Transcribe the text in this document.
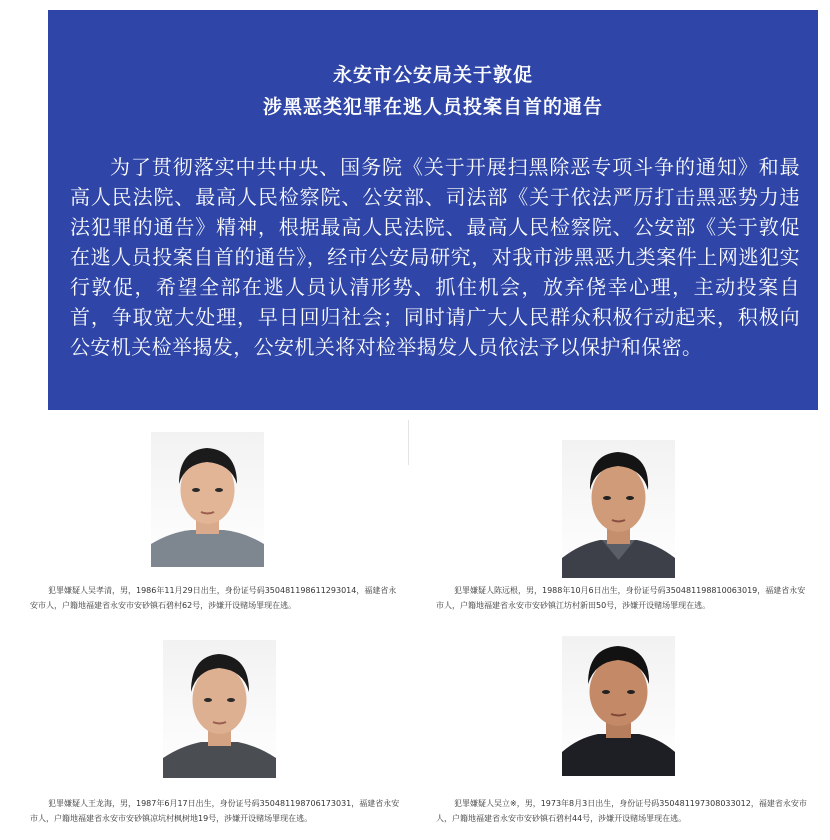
永安市公安局关于敦促
涉黑恶类犯罪在逃人员投案自首的通告
为了贯彻落实中共中央、国务院《关于开展扫黑除恶专项斗争的通知》和最高人民法院、最高人民检察院、公安部、司法部《关于依法严厉打击黑恶势力违法犯罪的通告》精神，根据最高人民法院、最高人民检察院、公安部《关于敦促在逃人员投案自首的通告》，经市公安局研究，对我市涉黑恶九类案件上网逃犯实行敦促，希望全部在逃人员认清形势、抓住机会，放弃侥幸心理，主动投案自首，争取宽大处理，早日回归社会；同时请广大人民群众积极行动起来，积极向公安机关检举揭发，公安机关将对检举揭发人员依法予以保护和保密。
犯罪嫌疑人吴孝清，男，1986年11月29日出生，身份证号码350481198611293014，福建省永安市人，户籍地福建省永安市安砂镇石碧村62号，涉嫌开设赌场罪现在逃。
犯罪嫌疑人陈远根，男，1988年10月6日出生，身份证号码350481198810063019，福建省永安市人，户籍地福建省永安市安砂镇江坊村新田50号，涉嫌开设赌场罪现在逃。
犯罪嫌疑人王龙海，男，1987年6月17日出生，身份证号码350481198706173031，福建省永安市人，户籍地福建省永安市安砂镇凉坑村枫树地19号，涉嫌开设赌场罪现在逃。
犯罪嫌疑人吴立※，男，1973年8月3日出生，身份证号码350481197308033012，福建省永安市人，户籍地福建省永安市安砂镇石碧村44号，涉嫌开设赌场罪现在逃。
